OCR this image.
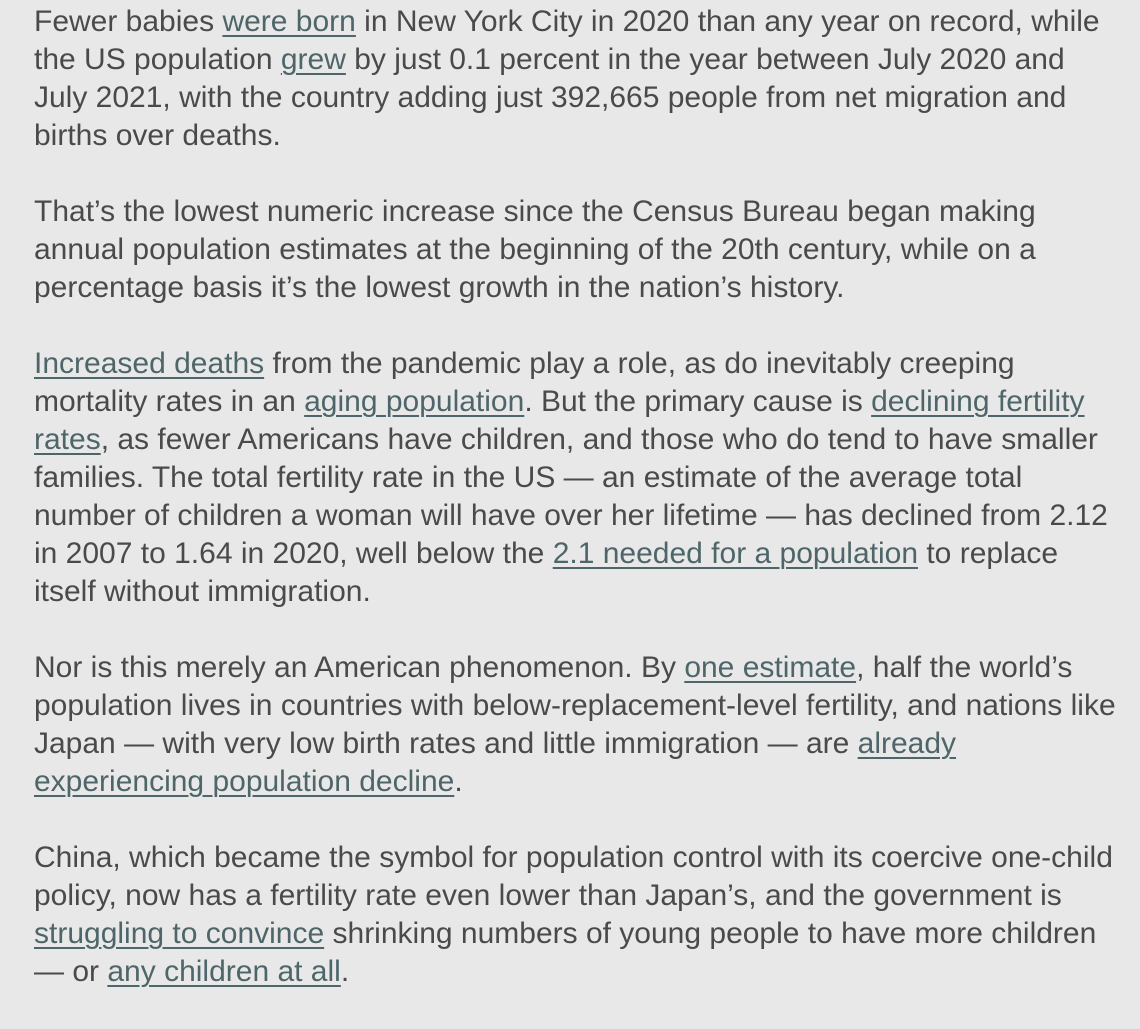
Fewer babies were born in New York City in 2020 than any year on record, while the US population grew by just 0.1 percent in the year between July 2020 and July 2021, with the country adding just 392,665 people from net migration and births over deaths.

That’s the lowest numeric increase since the Census Bureau began making annual population estimates at the beginning of the 20th century, while on a percentage basis it’s the lowest growth in the nation’s history.

Increased deaths from the pandemic play a role, as do inevitably creeping mortality rates in an aging population. But the primary cause is declining fertility rates, as fewer Americans have children, and those who do tend to have smaller families. The total fertility rate in the US — an estimate of the average total number of children a woman will have over her lifetime — has declined from 2.12 in 2007 to 1.64 in 2020, well below the 2.1 needed for a population to replace itself without immigration.

Nor is this merely an American phenomenon. By one estimate, half the world’s population lives in countries with below-replacement-level fertility, and nations like Japan — with very low birth rates and little immigration — are already experiencing population decline.

China, which became the symbol for population control with its coercive one-child policy, now has a fertility rate even lower than Japan’s, and the government is struggling to convince shrinking numbers of young people to have more children — or any children at all.
